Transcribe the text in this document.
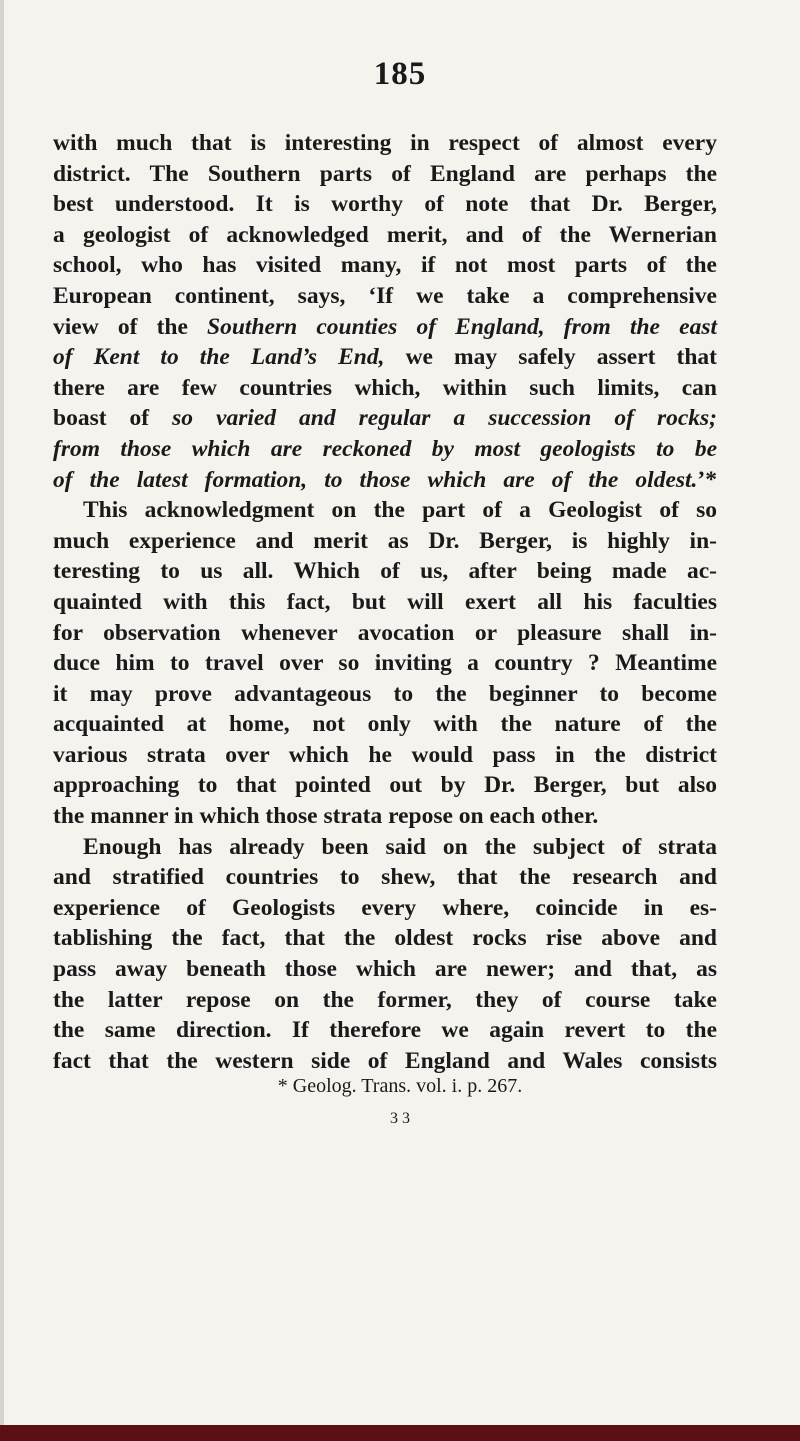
185
with much that is interesting in respect of almost every
district. The Southern parts of England are perhaps the
best understood. It is worthy of note that Dr. Berger,
a geologist of acknowledged merit, and of the Wernerian
school, who has visited many, if not most parts of the
European continent, says, ‘If we take a comprehensive
view of the Southern counties of England, from the east
of Kent to the Land’s End, we may safely assert that
there are few countries which, within such limits, can
boast of so varied and regular a succession of rocks;
from those which are reckoned by most geologists to be
of the latest formation, to those which are of the oldest.’*
This acknowledgment on the part of a Geologist of so
much experience and merit as Dr. Berger, is highly in-
teresting to us all. Which of us, after being made ac-
quainted with this fact, but will exert all his faculties
for observation whenever avocation or pleasure shall in-
duce him to travel over so inviting a country ? Meantime
it may prove advantageous to the beginner to become
acquainted at home, not only with the nature of the
various strata over which he would pass in the district
approaching to that pointed out by Dr. Berger, but also
the manner in which those strata repose on each other.
Enough has already been said on the subject of strata
and stratified countries to shew, that the research and
experience of Geologists every where, coincide in es-
tablishing the fact, that the oldest rocks rise above and
pass away beneath those which are newer; and that, as
the latter repose on the former, they of course take
the same direction. If therefore we again revert to the
fact that the western side of England and Wales consists
* Geolog. Trans. vol. i. p. 267.
3 3
